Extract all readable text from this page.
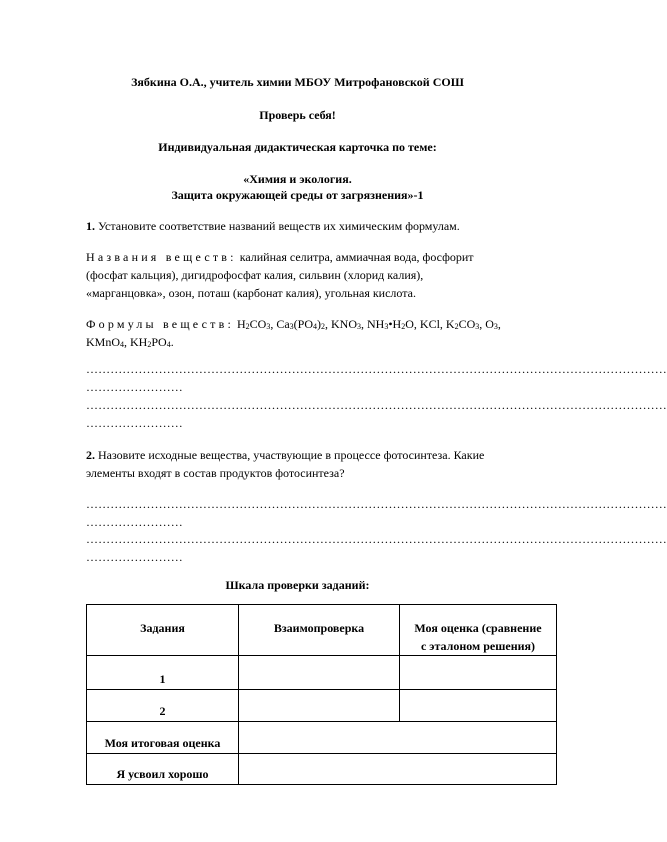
Зябкина О.А., учитель химии МБОУ Митрофановской СОШ
Проверь себя!
Индивидуальная дидактическая карточка по теме:
«Химия и экология.
Защита окружающей среды от загрязнения»-1
1. Установите соответствие названий веществ их химическим формулам.
Названия веществ: калийная селитра, аммиачная вода, фосфорит
(фосфат кальция), дигидрофосфат калия, сильвин (хлорид калия),
«марганцовка», озон, поташ (карбонат калия), угольная кислота.
Формулы веществ: $H_2CO_3$, $Ca_3(PO_4)_2$, $KNO_3$, $NH_3•H_2O$, KCl, $K_2CO_3$, $O_3$,
KMnO$_4$, $KH_2PO_4$.
………………………………………………………………………………………………………………………………
……………………
………………………………………………………………………………………………………………………………
……………………
2. Назовите исходные вещества, участвующие в процессе фотосинтеза. Какие
элементы входят в состав продуктов фотосинтеза?
………………………………………………………………………………………………………………………………
……………………
………………………………………………………………………………………………………………………………
……………………
Шкала проверки заданий:
Задания	Взаимопроверка	Моя оценка (сравнение
с эталоном решения)

1		
2		
Моя итоговая оценка		
Я усвоил хорошо		
